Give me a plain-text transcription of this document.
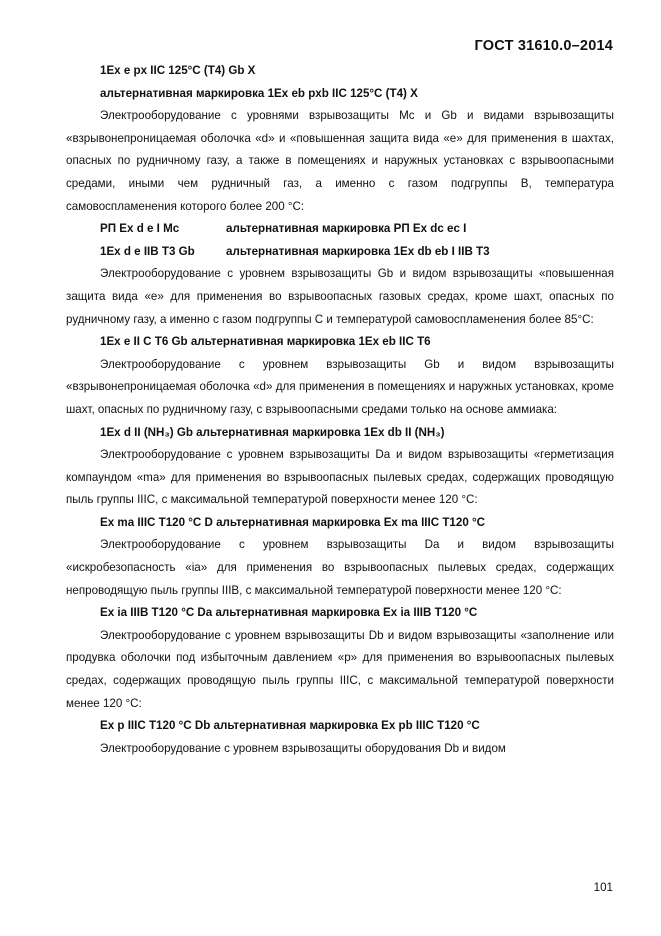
ГОСТ 31610.0–2014
1Ex e px IIC 125°C (T4) Gb X
альтернативная маркировка 1Ex eb pxb IIC 125°C (T4) X
Электрооборудование с уровнями взрывозащиты Mc и Gb и видами взрывозащиты «взрывонепроницаемая оболочка «d» и «повышенная защита вида «е» для применения в шахтах, опасных по рудничному газу, а также в помещениях и наружных установках с взрывоопасными средами, иными чем рудничный газ, а именно с газом подгруппы В, температура самовоспламенения которого более 200 °С:
РП Ex d e I Mc	альтернативная маркировка РП Ex dc ec I
1Ex d e IIB T3 Gb	альтернативная маркировка 1Ex db eb I IIB T3
Электрооборудование с уровнем взрывозащиты Gb и видом взрывозащиты «повышенная защита вида «е» для применения во взрывоопасных газовых средах, кроме шахт, опасных по рудничному газу, а именно с газом подгруппы С и температурой самовоспламенения более 85°С:
1Ex e II C T6 Gb альтернативная маркировка 1Ex eb IIC T6
Электрооборудование с уровнем взрывозащиты Gb и видом взрывозащиты «взрывонепроницаемая оболочка «d» для применения в помещениях и наружных установках, кроме шахт, опасных по рудничному газу, с взрывоопасными средами только на основе аммиака:
1Ex d II (NH₃) Gb альтернативная маркировка 1Ex db II (NH₃)
Электрооборудование с уровнем взрывозащиты Da и видом взрывозащиты «герметизация компаундом «ma» для применения во взрывоопасных пылевых средах, содержащих проводящую пыль группы IIIC, с максимальной температурой поверхности менее 120 °С:
Ex ma IIIC T120 °C D альтернативная маркировка Ex ma IIIC T120 °C
Электрооборудование с уровнем взрывозащиты Da и видом взрывозащиты «искробезопасность «ia» для применения во взрывоопасных пылевых средах, содержащих непроводящую пыль группы IIIB, с максимальной температурой поверхности менее 120 °С:
Ex ia IIIB T120 °C Da альтернативная маркировка Ex ia IIIB T120 °C
Электрооборудование с уровнем взрывозащиты Db и видом взрывозащиты «заполнение или продувка оболочки под избыточным давлением «р» для применения во взрывоопасных пылевых средах, содержащих проводящую пыль группы IIIC, с максимальной температурой поверхности менее 120 °С:
Ex p IIIC T120 °C Db альтернативная маркировка Ex pb IIIC T120 °C
Электрооборудование с уровнем взрывозащиты оборудования Db и видом
101
